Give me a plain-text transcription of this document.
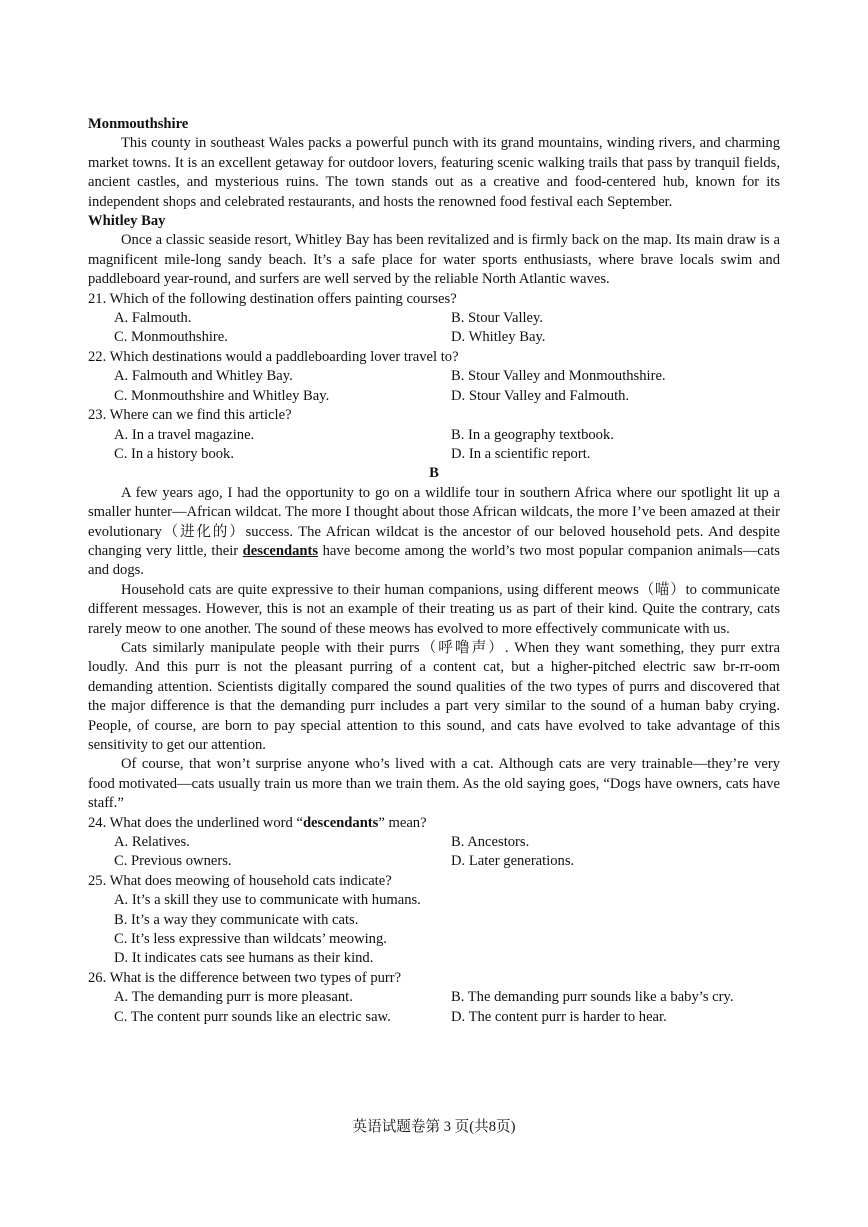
Monmouthshire
This county in southeast Wales packs a powerful punch with its grand mountains, winding rivers, and charming market towns. It is an excellent getaway for outdoor lovers, featuring scenic walking trails that pass by tranquil fields, ancient castles, and mysterious ruins. The town stands out as a creative and food-centered hub, known for its independent shops and celebrated restaurants, and hosts the renowned food festival each September.
Whitley Bay
Once a classic seaside resort, Whitley Bay has been revitalized and is firmly back on the map. Its main draw is a magnificent mile-long sandy beach. It’s a safe place for water sports enthusiasts, where brave locals swim and paddleboard year-round, and surfers are well served by the reliable North Atlantic waves.
21. Which of the following destination offers painting courses?
A. Falmouth.	B. Stour Valley.
C. Monmouthshire.	D. Whitley Bay.
22. Which destinations would a paddleboarding lover travel to?
A. Falmouth and Whitley Bay.	B. Stour Valley and Monmouthshire.
C. Monmouthshire and Whitley Bay.	D. Stour Valley and Falmouth.
23. Where can we find this article?
A. In a travel magazine.	B. In a geography textbook.
C. In a history book.	D. In a scientific report.
B
A few years ago, I had the opportunity to go on a wildlife tour in southern Africa where our spotlight lit up a smaller hunter—African wildcat. The more I thought about those African wildcats, the more I’ve been amazed at their evolutionary（进化的）success. The African wildcat is the ancestor of our beloved household pets. And despite changing very little, their descendants have become among the world’s two most popular companion animals—cats and dogs.
Household cats are quite expressive to their human companions, using different meows（喵）to communicate different messages. However, this is not an example of their treating us as part of their kind. Quite the contrary, cats rarely meow to one another. The sound of these meows has evolved to more effectively communicate with us.
Cats similarly manipulate people with their purrs（呼噜声）. When they want something, they purr extra loudly. And this purr is not the pleasant purring of a content cat, but a higher-pitched electric saw br-rr-oom demanding attention. Scientists digitally compared the sound qualities of the two types of purrs and discovered that the major difference is that the demanding purr includes a part very similar to the sound of a human baby crying. People, of course, are born to pay special attention to this sound, and cats have evolved to take advantage of this sensitivity to get our attention.
Of course, that won’t surprise anyone who’s lived with a cat. Although cats are very trainable—they’re very food motivated—cats usually train us more than we train them. As the old saying goes, “Dogs have owners, cats have staff.”
24. What does the underlined word “descendants” mean?
A. Relatives.	B. Ancestors.
C. Previous owners.	D. Later generations.
25. What does meowing of household cats indicate?
A. It’s a skill they use to communicate with humans.
B. It’s a way they communicate with cats.
C. It’s less expressive than wildcats’ meowing.
D. It indicates cats see humans as their kind.
26. What is the difference between two types of purr?
A. The demanding purr is more pleasant.	B. The demanding purr sounds like a baby’s cry.
C. The content purr sounds like an electric saw.	D. The content purr is harder to hear.
英语试题卷第 3 页(共8页)
